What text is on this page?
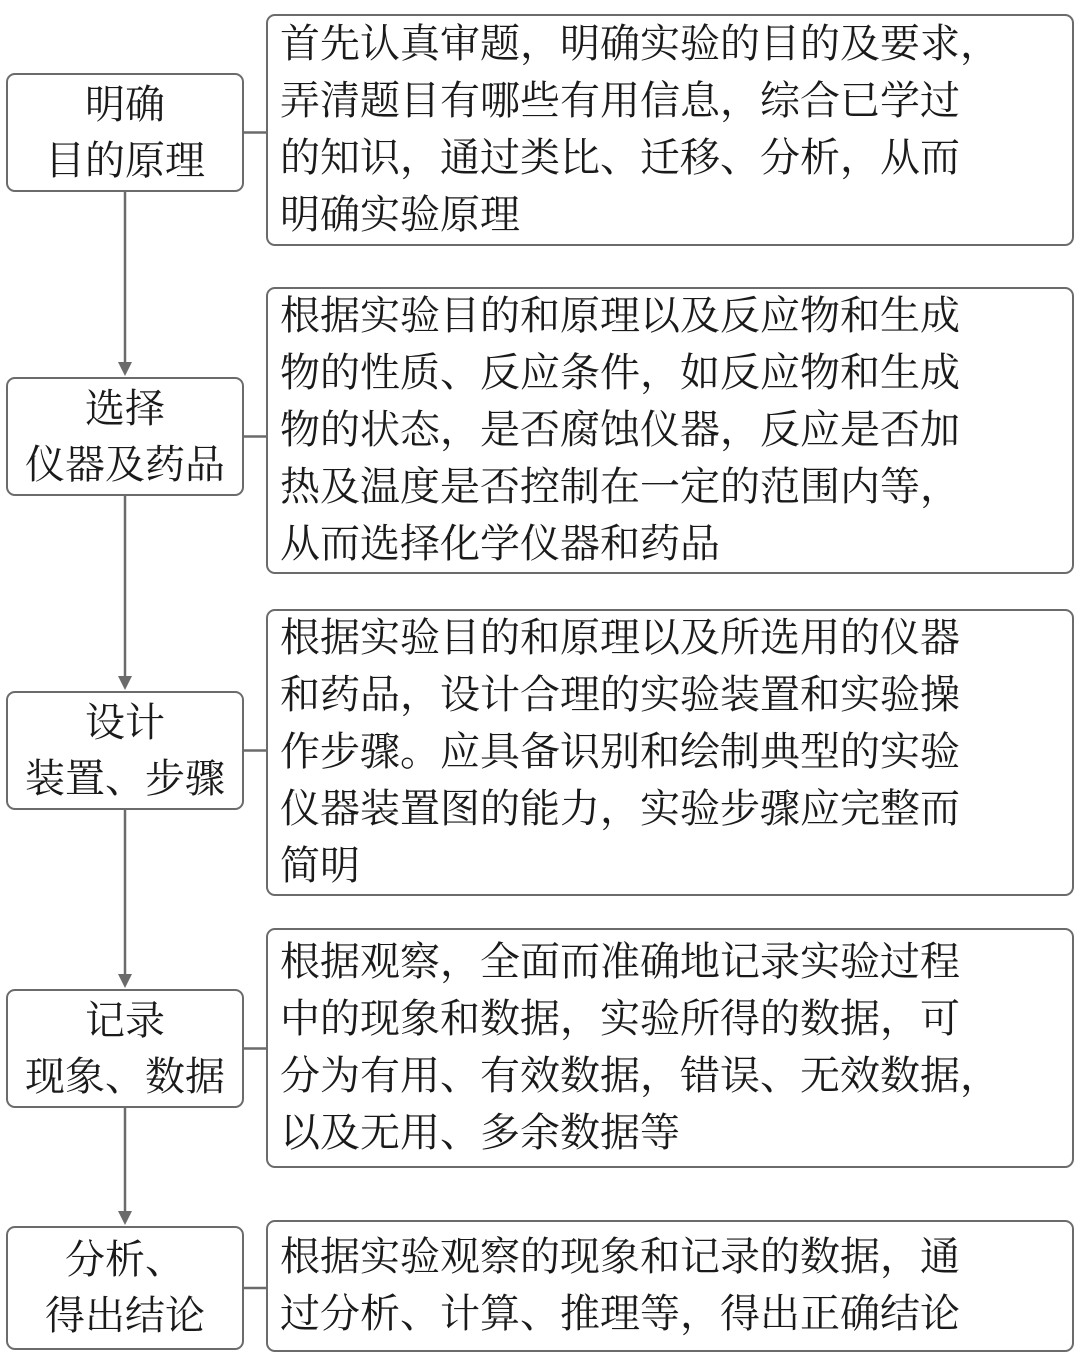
明确
目的原理
首先认真审题，明确实验的目的及要求，
弄清题目有哪些有用信息，综合已学过
的知识，通过类比、迁移、分析，从而
明确实验原理
选择
仪器及药品
根据实验目的和原理以及反应物和生成
物的性质、反应条件，如反应物和生成
物的状态，是否腐蚀仪器，反应是否加
热及温度是否控制在一定的范围内等，
从而选择化学仪器和药品
设计
装置、步骤
根据实验目的和原理以及所选用的仪器
和药品，设计合理的实验装置和实验操
作步骤。应具备识别和绘制典型的实验
仪器装置图的能力，实验步骤应完整而
简明
记录
现象、数据
根据观察，全面而准确地记录实验过程
中的现象和数据，实验所得的数据，可
分为有用、有效数据，错误、无效数据，
以及无用、多余数据等
分析、
得出结论
根据实验观察的现象和记录的数据，通
过分析、计算、推理等，得出正确结论
